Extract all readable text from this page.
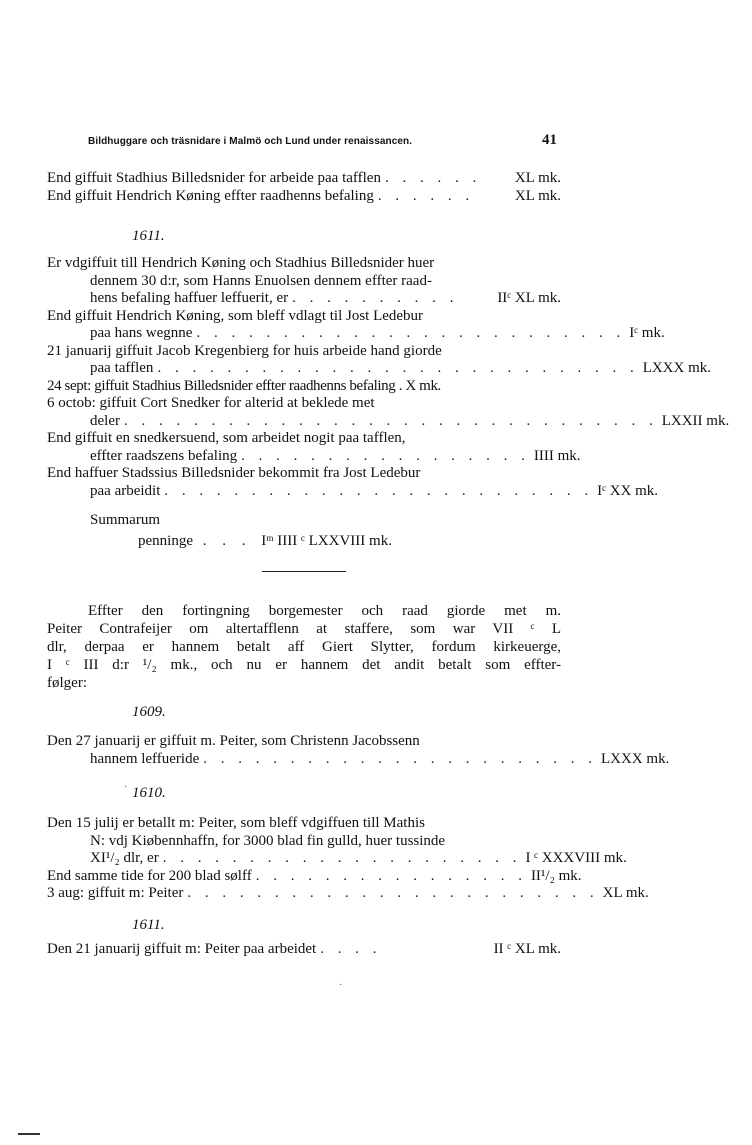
Bildhuggare och träsnidare i Malmö och Lund under renaissancen.	41
End giffuit Stadhius Billedsnider for arbeide paa tafflen . . . . . .	XL mk.
End giffuit Hendrich Køning effter raadhenns befaling . . . . . .	XL mk.
1611.
Er vdgiffuit till Hendrich Køning och Stadhius Billedsnider huer
dennem 30 d:r, som Hanns Enuolsen dennem effter raad-
hens befaling haffuer leffuerit, er . . . . . . . . . .	IIᶜ XL mk.
End giffuit Hendrich Køning, som bleff vdlagt til Jost Ledebur
paa hans wegnne . . . . . . . . . . . . . . . . . . . . . . . . . Iᶜ mk.
21 januarij giffuit Jacob Kregenbierg for huis arbeide hand giorde
paa tafflen . . . . . . . . . . . . . . . . . . . . . . . . . . . . LXXX mk.
24 sept: giffuit Stadhius Billedsnider effter raadhenns befaling . X mk.
6 octob: giffuit Cort Snedker for alterid at beklede met
deler . . . . . . . . . . . . . . . . . . . . . . . . . . . . . . . LXXII mk.
End giffuit en snedkersuend, som arbeidet nogit paa tafflen,
effter raadszens befaling . . . . . . . . . . . . . . . . . IIII mk.
End haffuer Stadssius Billedsnider bekommit fra Jost Ledebur
paa arbeidit . . . . . . . . . . . . . . . . . . . . . . . . . Iᶜ XX mk.
Summarum
penninge . . . Iᵐ IIII ᶜ LXXVIII mk.
Effter den fortingning borgemester och raad giorde met m.
Peiter Contrafeijer om altertafflenn at staffere, som war VII ᶜ L
dlr, derpaa er hannem betalt aff Giert Slytter, fordum kirkeuerge,
I ᶜ III d:r ¹/₂ mk., och nu er hannem det andit betalt som effter-
følger:
1609.
Den 27 januarij er giffuit m. Peiter, som Christenn Jacobssenn
hannem leffueride . . . . . . . . . . . . . . . . . . . . . . . LXXX mk.
· 1610.
Den 15 julij er betallt m: Peiter, som bleff vdgiffuen till Mathis
N: vdj Kiøbennhaffn, for 3000 blad fin gulld, huer tussinde
XI¹/₂ dlr, er . . . . . . . . . . . . . . . . . . . . . I ᶜ XXXVIII mk.
End samme tide for 200 blad sølff . . . . . . . . . . . . . . . . II¹/₂ mk.
3 aug: giffuit m: Peiter . . . . . . . . . . . . . . . . . . . . . . . . XL mk.
1611.
Den 21 januarij giffuit m: Peiter paa arbeidet . . . .	II ᶜ XL mk.
·
